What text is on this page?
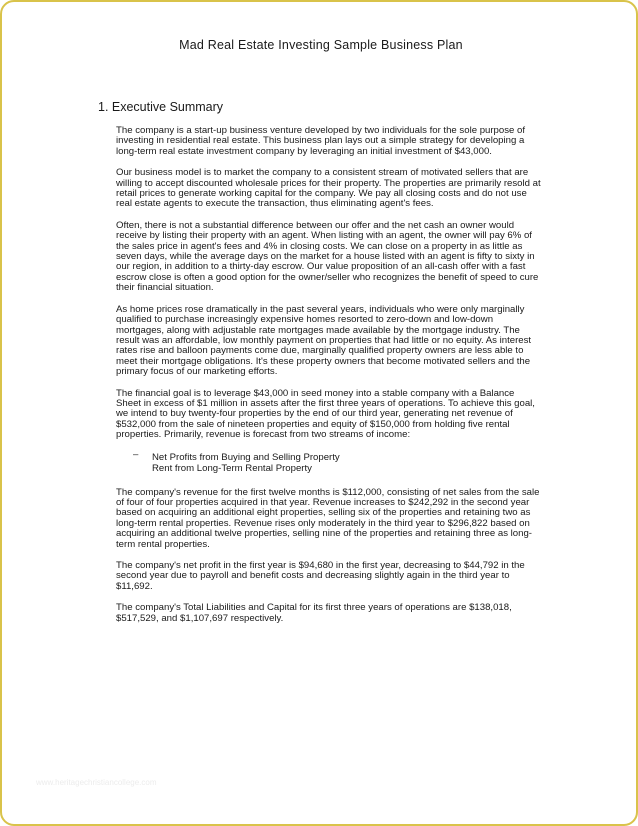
Mad Real Estate Investing Sample Business Plan
1. Executive Summary

The company is a start-up business venture developed by two individuals for the sole purpose of investing in residential real estate. This business plan lays out a simple strategy for developing a long-term real estate investment company by leveraging an initial investment of $43,000.

Our business model is to market the company to a consistent stream of motivated sellers that are willing to accept discounted wholesale prices for their property. The properties are primarily resold at retail prices to generate working capital for the company. We pay all closing costs and do not use real estate agents to execute the transaction, thus eliminating agent's fees.

Often, there is not a substantial difference between our offer and the net cash an owner would receive by listing their property with an agent. When listing with an agent, the owner will pay 6% of the sales price in agent's fees and 4% in closing costs. We can close on a property in as little as seven days, while the average days on the market for a house listed with an agent is fifty to sixty in our region, in addition to a thirty-day escrow. Our value proposition of an all-cash offer with a fast escrow close is often a good option for the owner/seller who recognizes the benefit of speed to cure their financial situation.

As home prices rose dramatically in the past several years, individuals who were only marginally qualified to purchase increasingly expensive homes resorted to zero-down and low-down mortgages, along with adjustable rate mortgages made available by the mortgage industry. The result was an affordable, low monthly payment on properties that had little or no equity. As interest rates rise and balloon payments come due, marginally qualified property owners are less able to meet their mortgage obligations. It's these property owners that become motivated sellers and the primary focus of our marketing efforts.

The financial goal is to leverage $43,000 in seed money into a stable company with a Balance Sheet in excess of $1 million in assets after the first three years of operations. To achieve this goal, we intend to buy twenty-four properties by the end of our third year, generating net revenue of $532,000 from the sale of nineteen properties and equity of $150,000 from holding five rental properties. Primarily, revenue is forecast from two streams of income:

– Net Profits from Buying and Selling Property
Rent from Long-Term Rental Property

The company's revenue for the first twelve months is $112,000, consisting of net sales from the sale of four of four properties acquired in that year. Revenue increases to $242,292 in the second year based on acquiring an additional eight properties, selling six of the properties and retaining two as long-term rental properties. Revenue rises only moderately in the third year to $296,822 based on acquiring an additional twelve properties, selling nine of the properties and retaining three as long-term rental properties.

The company's net profit in the first year is $94,680 in the first year, decreasing to $44,792 in the second year due to payroll and benefit costs and decreasing slightly again in the third year to $11,692.

The company's Total Liabilities and Capital for its first three years of operations are $138,018, $517,529, and $1,107,697 respectively.

www.heritagechristiancollege.com
